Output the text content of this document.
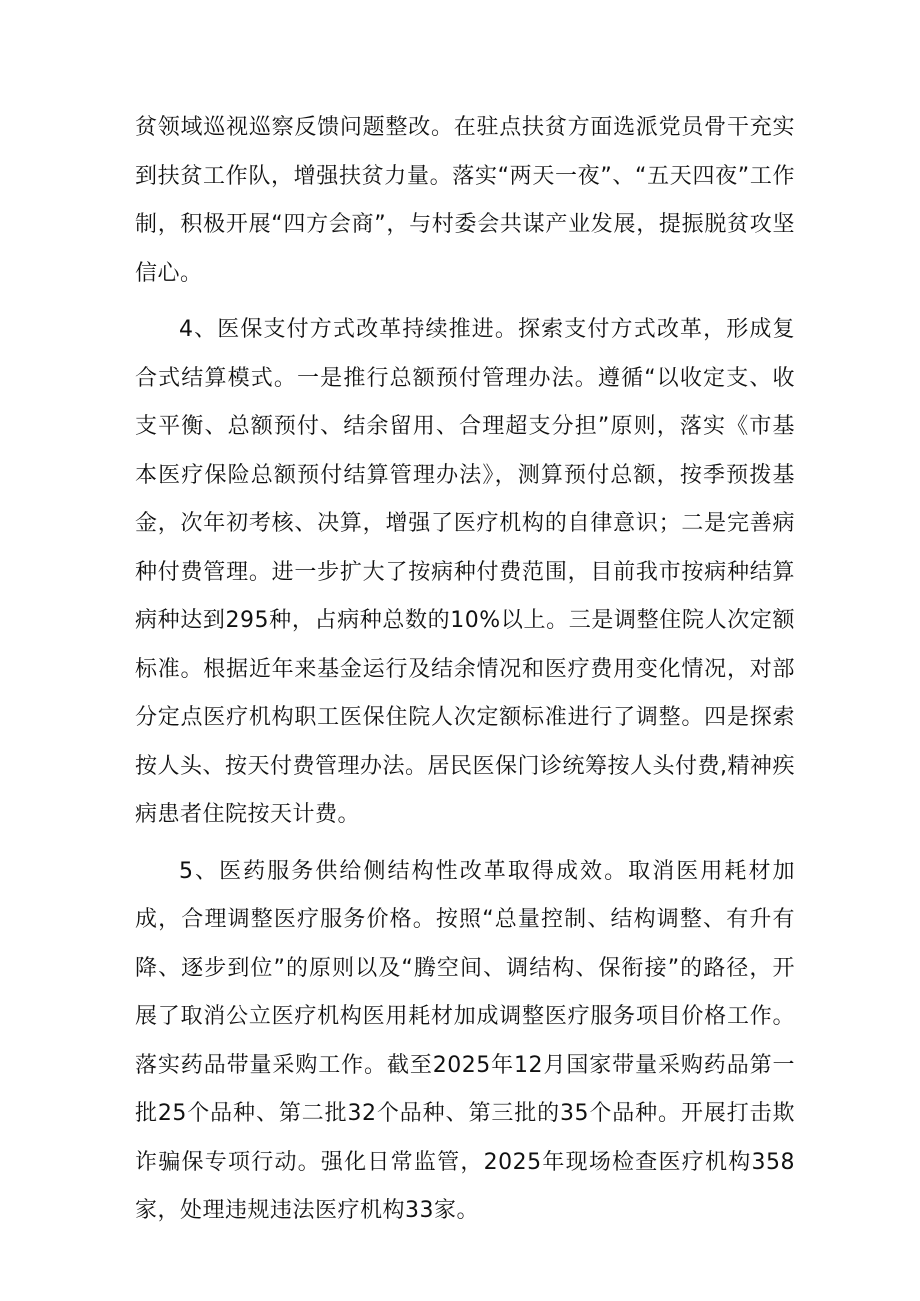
贫领域巡视巡察反馈问题整改。在驻点扶贫方面选派党员骨干充实到扶贫工作队，增强扶贫力量。落实“两天一夜”、“五天四夜”工作制，积极开展“四方会商”，与村委会共谋产业发展，提振脱贫攻坚信心。

4、医保支付方式改革持续推进。探索支付方式改革，形成复合式结算模式。一是推行总额预付管理办法。遵循“以收定支、收支平衡、总额预付、结余留用、合理超支分担”原则，落实《市基本医疗保险总额预付结算管理办法》，测算预付总额，按季预拨基金，次年初考核、决算，增强了医疗机构的自律意识；二是完善病种付费管理。进一步扩大了按病种付费范围，目前我市按病种结算病种达到295种，占病种总数的10%以上。三是调整住院人次定额标准。根据近年来基金运行及结余情况和医疗费用变化情况，对部分定点医疗机构职工医保住院人次定额标准进行了调整。四是探索按人头、按天付费管理办法。居民医保门诊统筹按人头付费,精神疾病患者住院按天计费。

5、医药服务供给侧结构性改革取得成效。取消医用耗材加成，合理调整医疗服务价格。按照“总量控制、结构调整、有升有降、逐步到位”的原则以及“腾空间、调结构、保衔接”的路径，开展了取消公立医疗机构医用耗材加成调整医疗服务项目价格工作。落实药品带量采购工作。截至2025年12月国家带量采购药品第一批25个品种、第二批32个品种、第三批的35个品种。开展打击欺诈骗保专项行动。强化日常监管，2025年现场检查医疗机构358家，处理违规违法医疗机构33家。
